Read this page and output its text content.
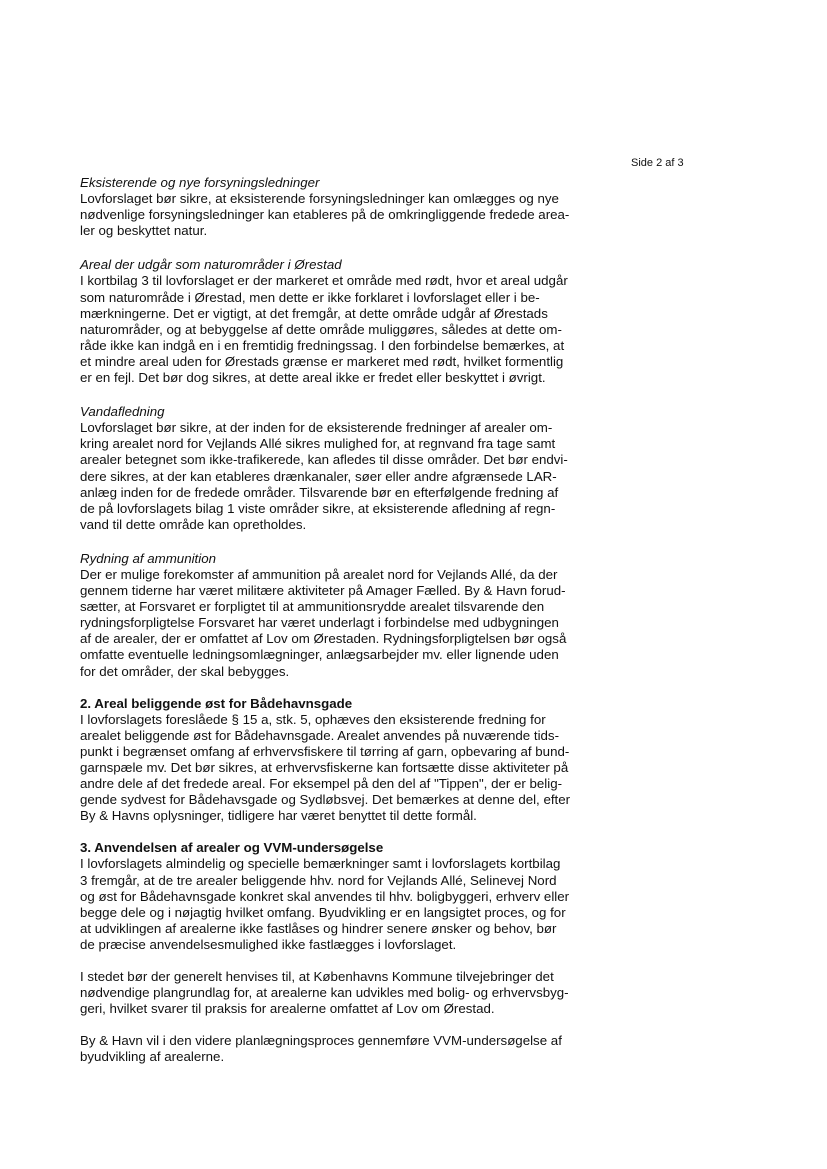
Side 2 af 3
Eksisterende og nye forsyningsledninger
Lovforslaget bør sikre, at eksisterende forsyningsledninger kan omlægges og nye
nødvenlige forsyningsledninger kan etableres på de omkringliggende fredede area-
ler og beskyttet natur.
Areal der udgår som naturområder i Ørestad
I kortbilag 3 til lovforslaget er der markeret et område med rødt, hvor et areal udgår
som naturområde i Ørestad, men dette er ikke forklaret i lovforslaget eller i be-
mærkningerne. Det er vigtigt, at det fremgår, at dette område udgår af Ørestads
naturområder, og at bebyggelse af dette område muliggøres, således at dette om-
råde ikke kan indgå en i en fremtidig fredningssag. I den forbindelse bemærkes, at
et mindre areal uden for Ørestads grænse er markeret med rødt, hvilket formentlig
er en fejl. Det bør dog sikres, at dette areal ikke er fredet eller beskyttet i øvrigt.
Vandafledning
Lovforslaget bør sikre, at der inden for de eksisterende fredninger af arealer om-
kring arealet nord for Vejlands Allé sikres mulighed for, at regnvand fra tage samt
arealer betegnet som ikke-trafikerede, kan afledes til disse områder. Det bør endvi-
dere sikres, at der kan etableres drænkanaler, søer eller andre afgrænsede LAR-
anlæg inden for de fredede områder. Tilsvarende bør en efterfølgende fredning af
de på lovforslagets bilag 1 viste områder sikre, at eksisterende afledning af regn-
vand til dette område kan opretholdes.
Rydning af ammunition
Der er mulige forekomster af ammunition på arealet nord for Vejlands Allé, da der
gennem tiderne har været militære aktiviteter på Amager Fælled. By & Havn forud-
sætter, at Forsvaret er forpligtet til at ammunitionsrydde arealet tilsvarende den
rydningsforpligtelse Forsvaret har været underlagt i forbindelse med udbygningen
af de arealer, der er omfattet af Lov om Ørestaden. Rydningsforpligtelsen bør også
omfatte eventuelle ledningsomlægninger, anlægsarbejder mv. eller lignende uden
for det områder, der skal bebygges.
2. Areal beliggende øst for Bådehavnsgade
I lovforslagets foreslåede § 15 a, stk. 5, ophæves den eksisterende fredning for
arealet beliggende øst for Bådehavnsgade. Arealet anvendes på nuværende tids-
punkt i begrænset omfang af erhvervsfiskere til tørring af garn, opbevaring af bund-
garnspæle mv. Det bør sikres, at erhvervsfiskerne kan fortsætte disse aktiviteter på
andre dele af det fredede areal. For eksempel på den del af "Tippen", der er belig-
gende sydvest for Bådehavsgade og Sydløbsvej. Det bemærkes at denne del, efter
By & Havns oplysninger, tidligere har været benyttet til dette formål.
3. Anvendelsen af arealer og VVM-undersøgelse

I lovforslagets almindelig og specielle bemærkninger samt i lovforslagets kortbilag
3 fremgår, at de tre arealer beliggende hhv. nord for Vejlands Allé, Selinevej Nord
og øst for Bådehavnsgade konkret skal anvendes til hhv. boligbyggeri, erhverv eller
begge dele og i nøjagtig hvilket omfang. Byudvikling er en langsigtet proces, og for
at udviklingen af arealerne ikke fastlåses og hindrer senere ønsker og behov, bør
de præcise anvendelsesmulighed ikke fastlægges i lovforslaget.

I stedet bør der generelt henvises til, at Københavns Kommune tilvejebringer det
nødvendige plangrundlag for, at arealerne kan udvikles med bolig- og erhvervsbyg-
geri, hvilket svarer til praksis for arealerne omfattet af Lov om Ørestad.

By & Havn vil i den videre planlægningsproces gennemføre VVM-undersøgelse af
byudvikling af arealerne.
